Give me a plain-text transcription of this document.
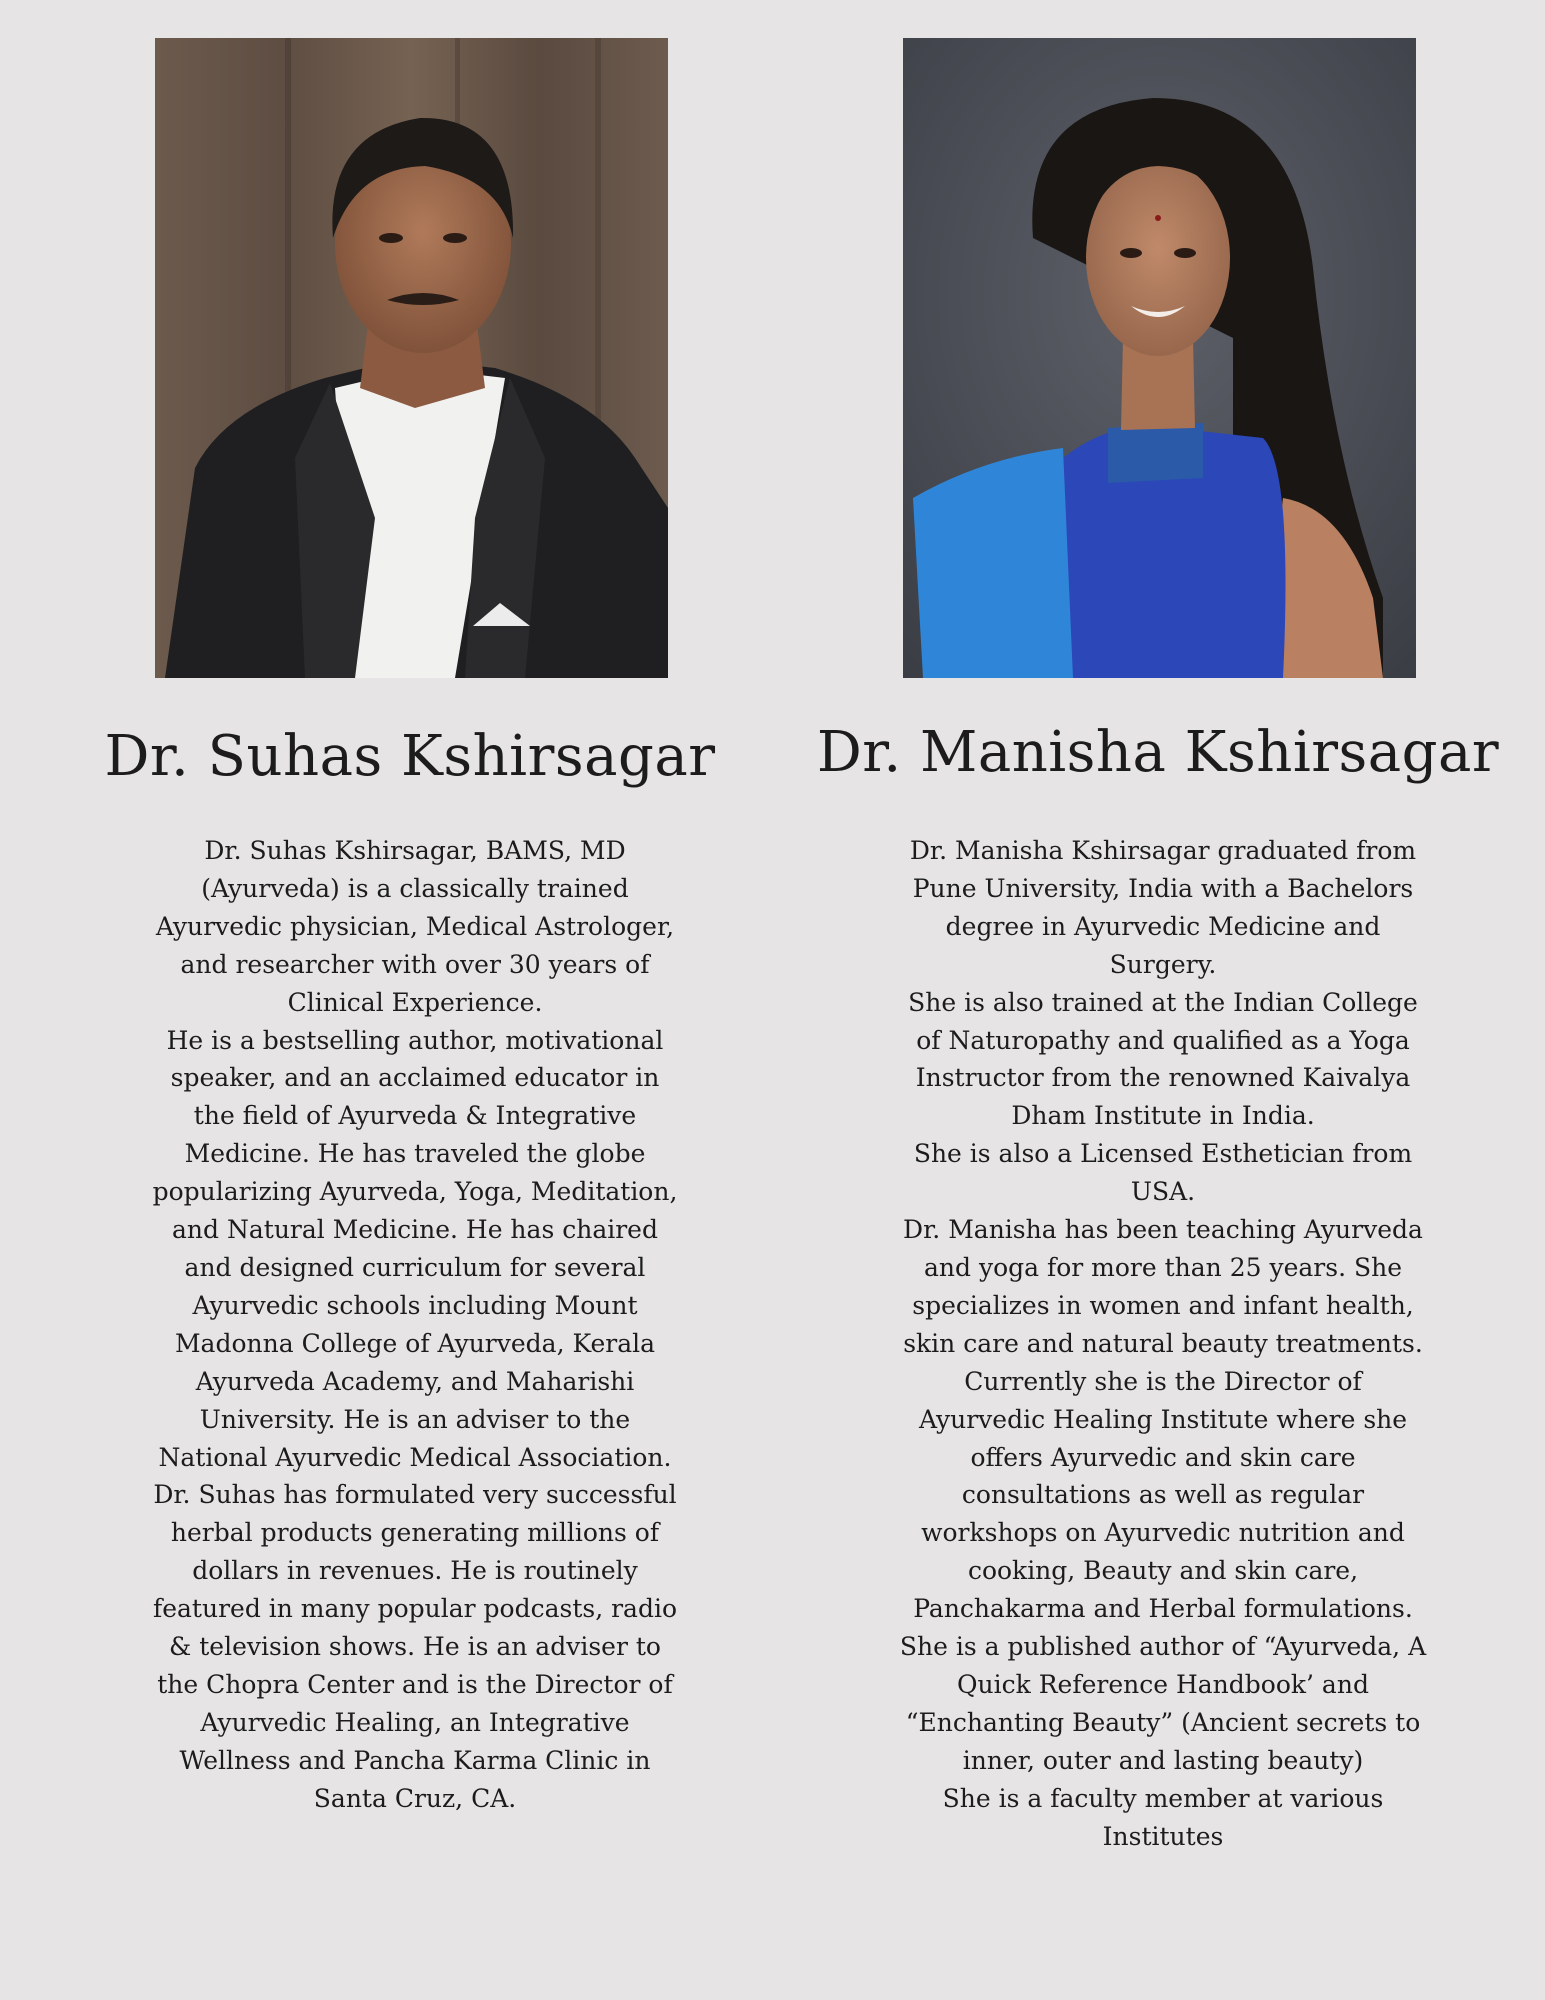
Dr. Suhas Kshirsagar

Dr. Suhas Kshirsagar, BAMS, MD (Ayurveda) is a classically trained Ayurvedic physician, Medical Astrologer, and researcher with over 30 years of Clinical Experience.

He is a bestselling author, motivational speaker, and an acclaimed educator in the field of Ayurveda & Integrative Medicine. He has traveled the globe popularizing Ayurveda, Yoga, Meditation, and Natural Medicine. He has chaired and designed curriculum for several Ayurvedic schools including Mount Madonna College of Ayurveda, Kerala Ayurveda Academy, and Maharishi University. He is an adviser to the National Ayurvedic Medical Association.

Dr. Suhas has formulated very successful herbal products generating millions of dollars in revenues. He is routinely featured in many popular podcasts, radio & television shows. He is an adviser to the Chopra Center and is the Director of Ayurvedic Healing, an Integrative Wellness and Pancha Karma Clinic in Santa Cruz, CA.

Dr. Manisha Kshirsagar

Dr. Manisha Kshirsagar graduated from Pune University, India with a Bachelors degree in Ayurvedic Medicine and Surgery.

She is also trained at the Indian College of Naturopathy and qualified as a Yoga Instructor from the renowned Kaivalya Dham Institute in India.

She is also a Licensed Esthetician from USA.

Dr. Manisha has been teaching Ayurveda and yoga for more than 25 years. She specializes in women and infant health, skin care and natural beauty treatments.

Currently she is the Director of Ayurvedic Healing Institute where she offers Ayurvedic and skin care consultations as well as regular workshops on Ayurvedic nutrition and cooking, Beauty and skin care, Panchakarma and Herbal formulations.

She is a published author of “Ayurveda, A Quick Reference Handbook’ and “Enchanting Beauty” (Ancient secrets to inner, outer and lasting beauty)

She is a faculty member at various Institutes
